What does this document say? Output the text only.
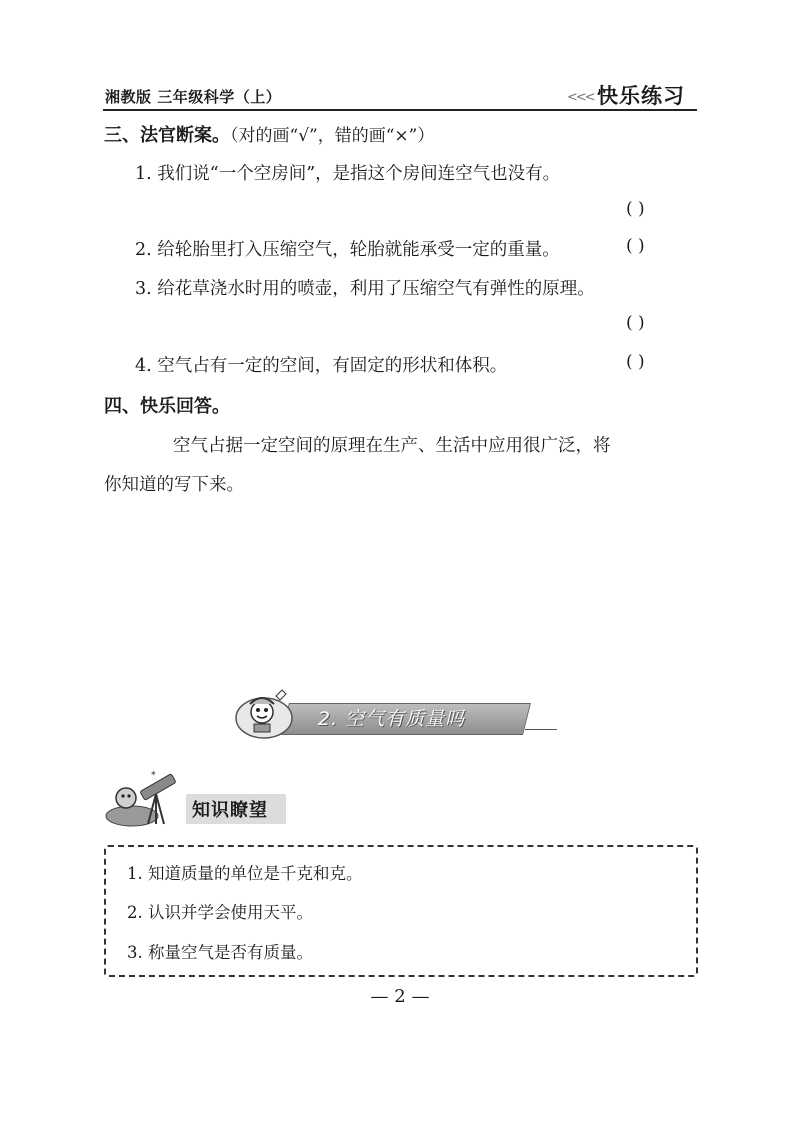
湘教版 三年级科学（上）	<<< 快乐练习
三、法官断案。（对的画“√”，错的画“×”）
1. 我们说“一个空房间”，是指这个房间连空气也没有。
( )
2. 给轮胎里打入压缩空气，轮胎就能承受一定的重量。	( )
3. 给花草浇水时用的喷壶，利用了压缩空气有弹性的原理。
( )
4. 空气占有一定的空间，有固定的形状和体积。	( )
四、快乐回答。
空气占据一定空间的原理在生产、生活中应用很广泛，将
你知道的写下来。
2. 空气有质量吗
✶
知识瞭望
1. 知道质量的单位是千克和克。
2. 认识并学会使用天平。
3. 称量空气是否有质量。
— 2 —
